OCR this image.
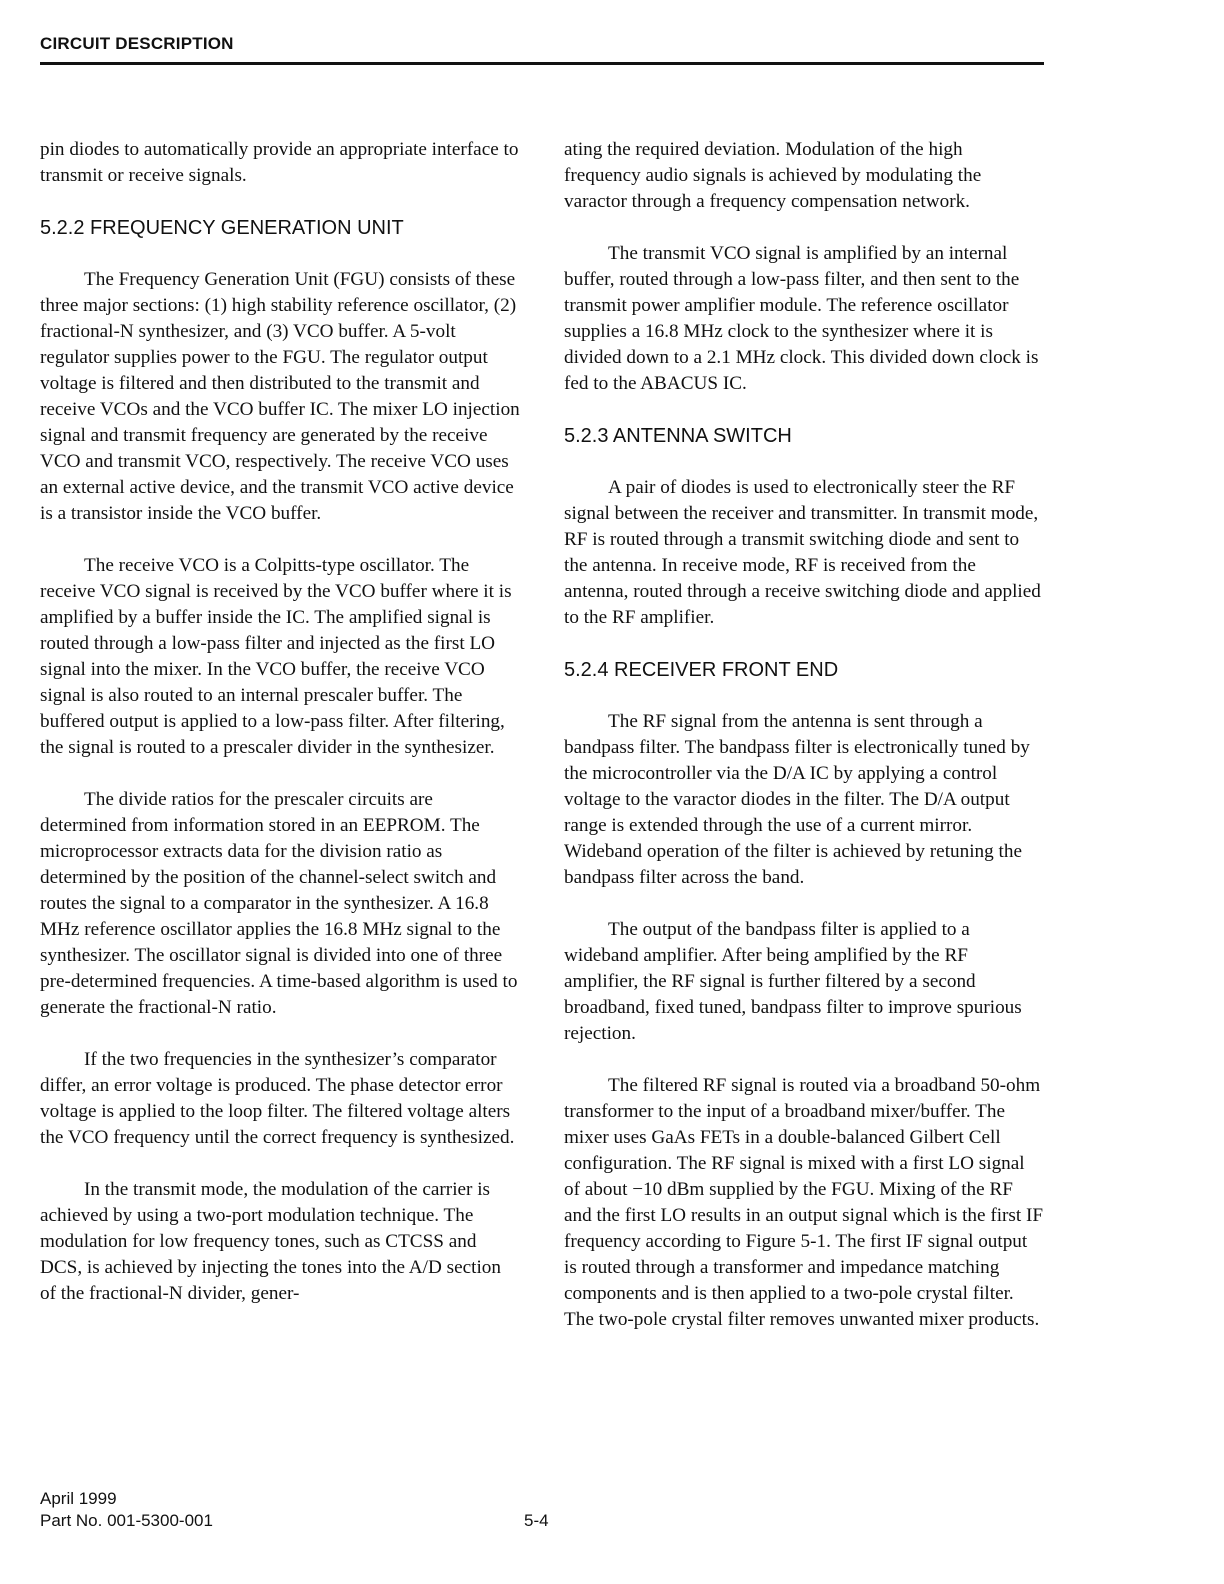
CIRCUIT DESCRIPTION

pin diodes to automatically provide an appropriate interface to transmit or receive signals.

5.2.2 FREQUENCY GENERATION UNIT

The Frequency Generation Unit (FGU) consists of these three major sections: (1) high stability reference oscillator, (2) fractional-N synthesizer, and (3) VCO buffer. A 5-volt regulator supplies power to the FGU. The regulator output voltage is filtered and then distributed to the transmit and receive VCOs and the VCO buffer IC. The mixer LO injection signal and transmit frequency are generated by the receive VCO and transmit VCO, respectively. The receive VCO uses an external active device, and the transmit VCO active device is a transistor inside the VCO buffer.

The receive VCO is a Colpitts-type oscillator. The receive VCO signal is received by the VCO buffer where it is amplified by a buffer inside the IC. The amplified signal is routed through a low-pass filter and injected as the first LO signal into the mixer. In the VCO buffer, the receive VCO signal is also routed to an internal prescaler buffer. The buffered output is applied to a low-pass filter. After filtering, the signal is routed to a prescaler divider in the synthesizer.

The divide ratios for the prescaler circuits are determined from information stored in an EEPROM. The microprocessor extracts data for the division ratio as determined by the position of the channel-select switch and routes the signal to a comparator in the synthesizer. A 16.8 MHz reference oscillator applies the 16.8 MHz signal to the synthesizer. The oscillator signal is divided into one of three pre-determined frequencies. A time-based algorithm is used to generate the fractional-N ratio.

If the two frequencies in the synthesizer’s comparator differ, an error voltage is produced. The phase detector error voltage is applied to the loop filter. The filtered voltage alters the VCO frequency until the correct frequency is synthesized.

In the transmit mode, the modulation of the carrier is achieved by using a two-port modulation technique. The modulation for low frequency tones, such as CTCSS and DCS, is achieved by injecting the tones into the A/D section of the fractional-N divider, gener-

ating the required deviation. Modulation of the high frequency audio signals is achieved by modulating the varactor through a frequency compensation network.

The transmit VCO signal is amplified by an internal buffer, routed through a low-pass filter, and then sent to the transmit power amplifier module. The reference oscillator supplies a 16.8 MHz clock to the synthesizer where it is divided down to a 2.1 MHz clock. This divided down clock is fed to the ABACUS IC.

5.2.3 ANTENNA SWITCH

A pair of diodes is used to electronically steer the RF signal between the receiver and transmitter. In transmit mode, RF is routed through a transmit switching diode and sent to the antenna. In receive mode, RF is received from the antenna, routed through a receive switching diode and applied to the RF amplifier.

5.2.4 RECEIVER FRONT END

The RF signal from the antenna is sent through a bandpass filter. The bandpass filter is electronically tuned by the microcontroller via the D/A IC by applying a control voltage to the varactor diodes in the filter. The D/A output range is extended through the use of a current mirror. Wideband operation of the filter is achieved by retuning the bandpass filter across the band.

The output of the bandpass filter is applied to a wideband amplifier. After being amplified by the RF amplifier, the RF signal is further filtered by a second broadband, fixed tuned, bandpass filter to improve spurious rejection.

The filtered RF signal is routed via a broadband 50-ohm transformer to the input of a broadband mixer/buffer. The mixer uses GaAs FETs in a double-balanced Gilbert Cell configuration. The RF signal is mixed with a first LO signal of about −10 dBm supplied by the FGU. Mixing of the RF and the first LO results in an output signal which is the first IF frequency according to Figure 5-1. The first IF signal output is routed through a transformer and impedance matching components and is then applied to a two-pole crystal filter. The two-pole crystal filter removes unwanted mixer products.

April 1999
Part No. 001-5300-001	5-4
